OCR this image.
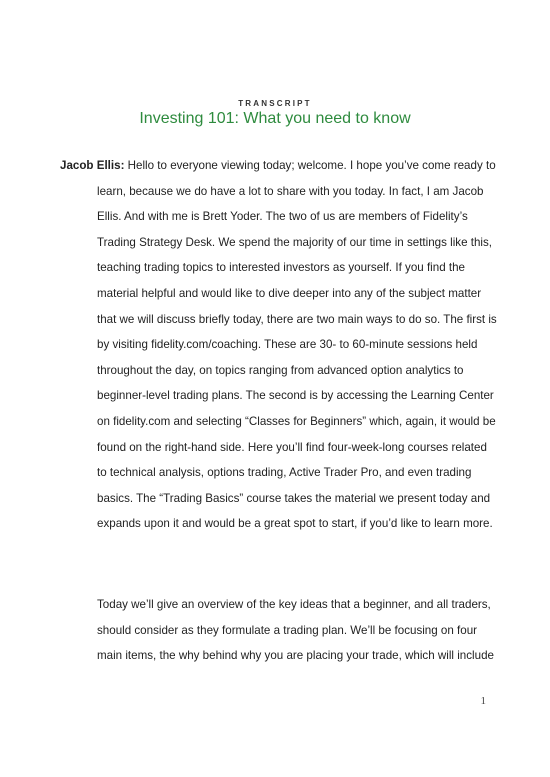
TRANSCRIPT
Investing 101: What you need to know
Jacob Ellis: Hello to everyone viewing today; welcome. I hope you’ve come ready to
learn, because we do have a lot to share with you today. In fact, I am Jacob
Ellis. And with me is Brett Yoder. The two of us are members of Fidelity’s
Trading Strategy Desk. We spend the majority of our time in settings like this,
teaching trading topics to interested investors as yourself. If you find the
material helpful and would like to dive deeper into any of the subject matter
that we will discuss briefly today, there are two main ways to do so. The first is
by visiting fidelity.com/coaching. These are 30- to 60-minute sessions held
throughout the day, on topics ranging from advanced option analytics to
beginner-level trading plans. The second is by accessing the Learning Center
on fidelity.com and selecting “Classes for Beginners” which, again, it would be
found on the right-hand side. Here you’ll find four-week-long courses related
to technical analysis, options trading, Active Trader Pro, and even trading
basics. The “Trading Basics” course takes the material we present today and
expands upon it and would be a great spot to start, if you’d like to learn more.
Today we’ll give an overview of the key ideas that a beginner, and all traders,
should consider as they formulate a trading plan. We’ll be focusing on four
main items, the why behind why you are placing your trade, which will include
1
